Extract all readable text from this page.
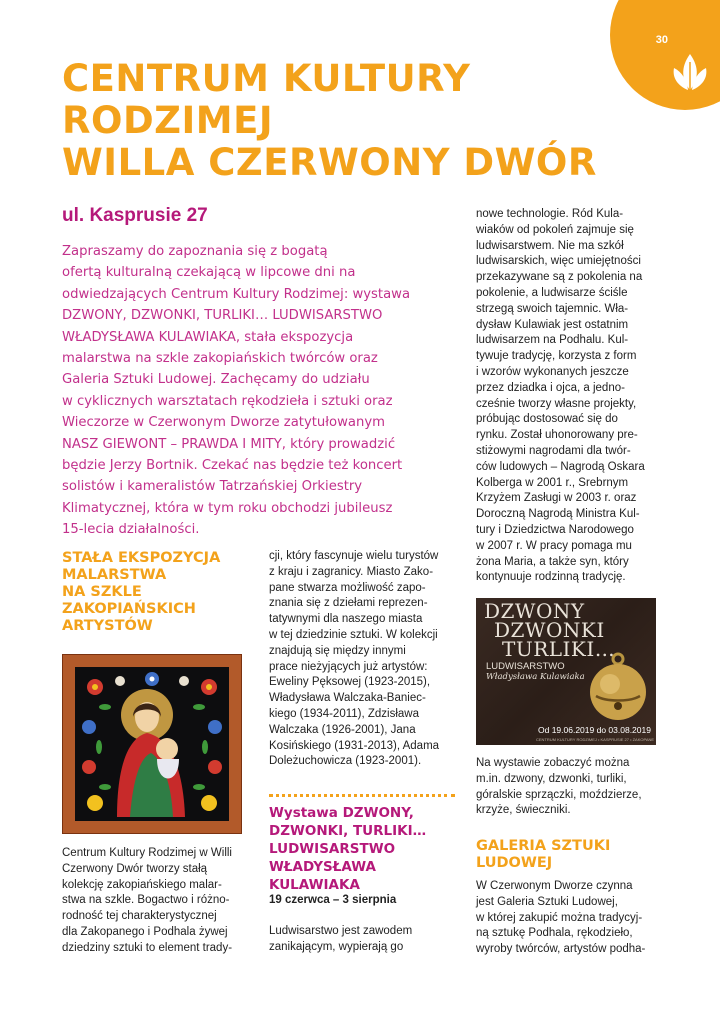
30
CENTRUM KULTURY
RODZIMEJ
WILLA CZERWONY DWÓR

ul. Kasprusie 27

Zapraszamy do zapoznania się z bogatą
ofertą kulturalną czekającą w lipcowe dni na
odwiedzających Centrum Kultury Rodzimej: wystawa
DZWONY, DZWONKI, TURLIKI… LUDWISARSTWO
WŁADYSŁAWA KULAWIAKA, stała ekspozycja
malarstwa na szkle zakopiańskich twórców oraz
Galeria Sztuki Ludowej. Zachęcamy do udziału
w cyklicznych warsztatach rękodzieła i sztuki oraz
Wieczorze w Czerwonym Dworze zatytułowanym
NASZ GIEWONT – PRAWDA I MITY, który prowadzić
będzie Jerzy Bortnik. Czekać nas będzie też koncert
solistów i kameralistów Tatrzańskiej Orkiestry
Klimatycznej, która w tym roku obchodzi jubileusz
15-lecia działalności.

nowe technologie. Ród Kula-
wiaków od pokoleń zajmuje się
ludwisarstwem. Nie ma szkół
ludwisarskich, więc umiejętności
przekazywane są z pokolenia na
pokolenie, a ludwisarze ściśle
strzegą swoich tajemnic. Wła-
dysław Kulawiak jest ostatnim
ludwisarzem na Podhalu. Kul-
tywuje tradycję, korzysta z form
i wzorów wykonanych jeszcze
przez dziadka i ojca, a jedno-
cześnie tworzy własne projekty,
próbując dostosować się do
rynku. Został uhonorowany pre-
stiżowymi nagrodami dla twór-
ców ludowych – Nagrodą Oskara
Kolberga w 2001 r., Srebrnym
Krzyżem Zasługi w 2003 r. oraz
Doroczną Nagrodą Ministra Kul-
tury i Dziedzictwa Narodowego
w 2007 r. W pracy pomaga mu
żona Maria, a także syn, który
kontynuuje rodzinną tradycję.
STAŁA EKSPOZYCJA
MALARSTWA
NA SZKLE
ZAKOPIAŃSKICH
ARTYSTÓW
Centrum Kultury Rodzimej w Willi
Czerwony Dwór tworzy stałą
kolekcję zakopiańskiego malar-
stwa na szkle. Bogactwo i różno-
rodność tej charakterystycznej
dla Zakopanego i Podhala żywej
dziedziny sztuki to element trady-
cji, który fascynuje wielu turystów
z kraju i zagranicy. Miasto Zako-
pane stwarza możliwość zapo-
znania się z dziełami reprezen-
tatywnymi dla naszego miasta
w tej dziedzinie sztuki. W kolekcji
znajdują się między innymi
prace nieżyjących już artystów:
Eweliny Pęksowej (1923-2015),
Władysława Walczaka-Baniec-
kiego (1934-2011), Zdzisława
Walczaka (1926-2001), Jana
Kosińskiego (1931-2013), Adama
Doleżuchowicza (1923-2001).
Wystawa DZWONY,
DZWONKI, TURLIKI…
LUDWISARSTWO
WŁADYSŁAWA
KULAWIAKA

19 czerwca – 3 sierpnia

Ludwisarstwo jest zawodem
zanikającym, wypierają go
DZWONY
DZWONKI
TURLIKI…
LUDWISARSTWO
Władysława Kulawiaka
Od 19.06.2019 do 03.08.2019
CENTRUM KULTURY RODZIMEJ • KASPRUSIE 27 • ZAKOPANE
Na wystawie zobaczyć można
m.in. dzwony, dzwonki, turliki,
góralskie sprzączki, moździerze,
krzyże, świeczniki.
GALERIA SZTUKI
LUDOWEJ
W Czerwonym Dworze czynna
jest Galeria Sztuki Ludowej,
w której zakupić można tradycyj-
ną sztukę Podhala, rękodzieło,
wyroby twórców, artystów podha-
